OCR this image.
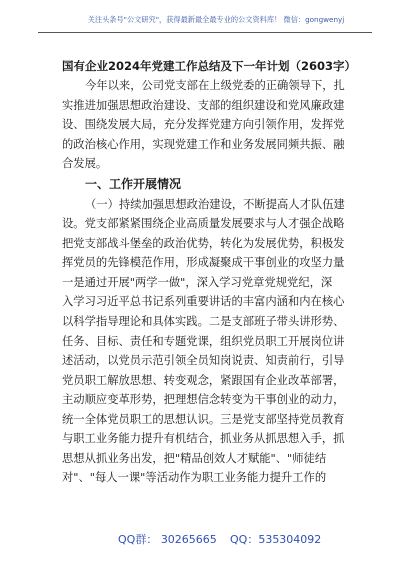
关注头条号"公文研究"，获得最新最全最专业的公文资料库！ 微信：gongwenyj
国有企业2024年党建工作总结及下一年计划（2603字）
今年以来，公司党支部在上级党委的正确领导下，扎
实推进加强思想政治建设、支部的组织建设和党风廉政建
设、围绕发展大局，充分发挥党建方向引领作用，发挥党
的政治核心作用，实现党建工作和业务发展同频共振、融
合发展。
一、工作开展情况
（一）持续加强思想政治建设，不断提高人才队伍建
设。党支部紧紧围绕企业高质量发展要求与人才强企战略
把党支部战斗堡垒的政治优势，转化为发展优势，积极发
挥党员的先锋模范作用，形成凝聚成干事创业的攻坚力量
一是通过开展"两学一做"，深入学习党章党规党纪，深
入学习习近平总书记系列重要讲话的丰富内涵和内在核心
以科学指导理论和具体实践。二是支部班子带头讲形势、
任务、目标、责任和专题党课，组织党员职工开展岗位讲
述活动，以党员示范引领全员知岗说责、知责前行，引导
党员职工解放思想、转变观念，紧跟国有企业改革部署，
主动顺应变革形势，把理想信念转变为干事创业的动力，
统一全体党员职工的思想认识。三是党支部坚持党员教育
与职工业务能力提升有机结合，抓业务从抓思想入手，抓
思想从抓业务出发，把"精品创效人才赋能"、"师徒结
对"、"每人一课"等活动作为职工业务能力提升工作的
QQ群： 30265665 QQ：535304092
